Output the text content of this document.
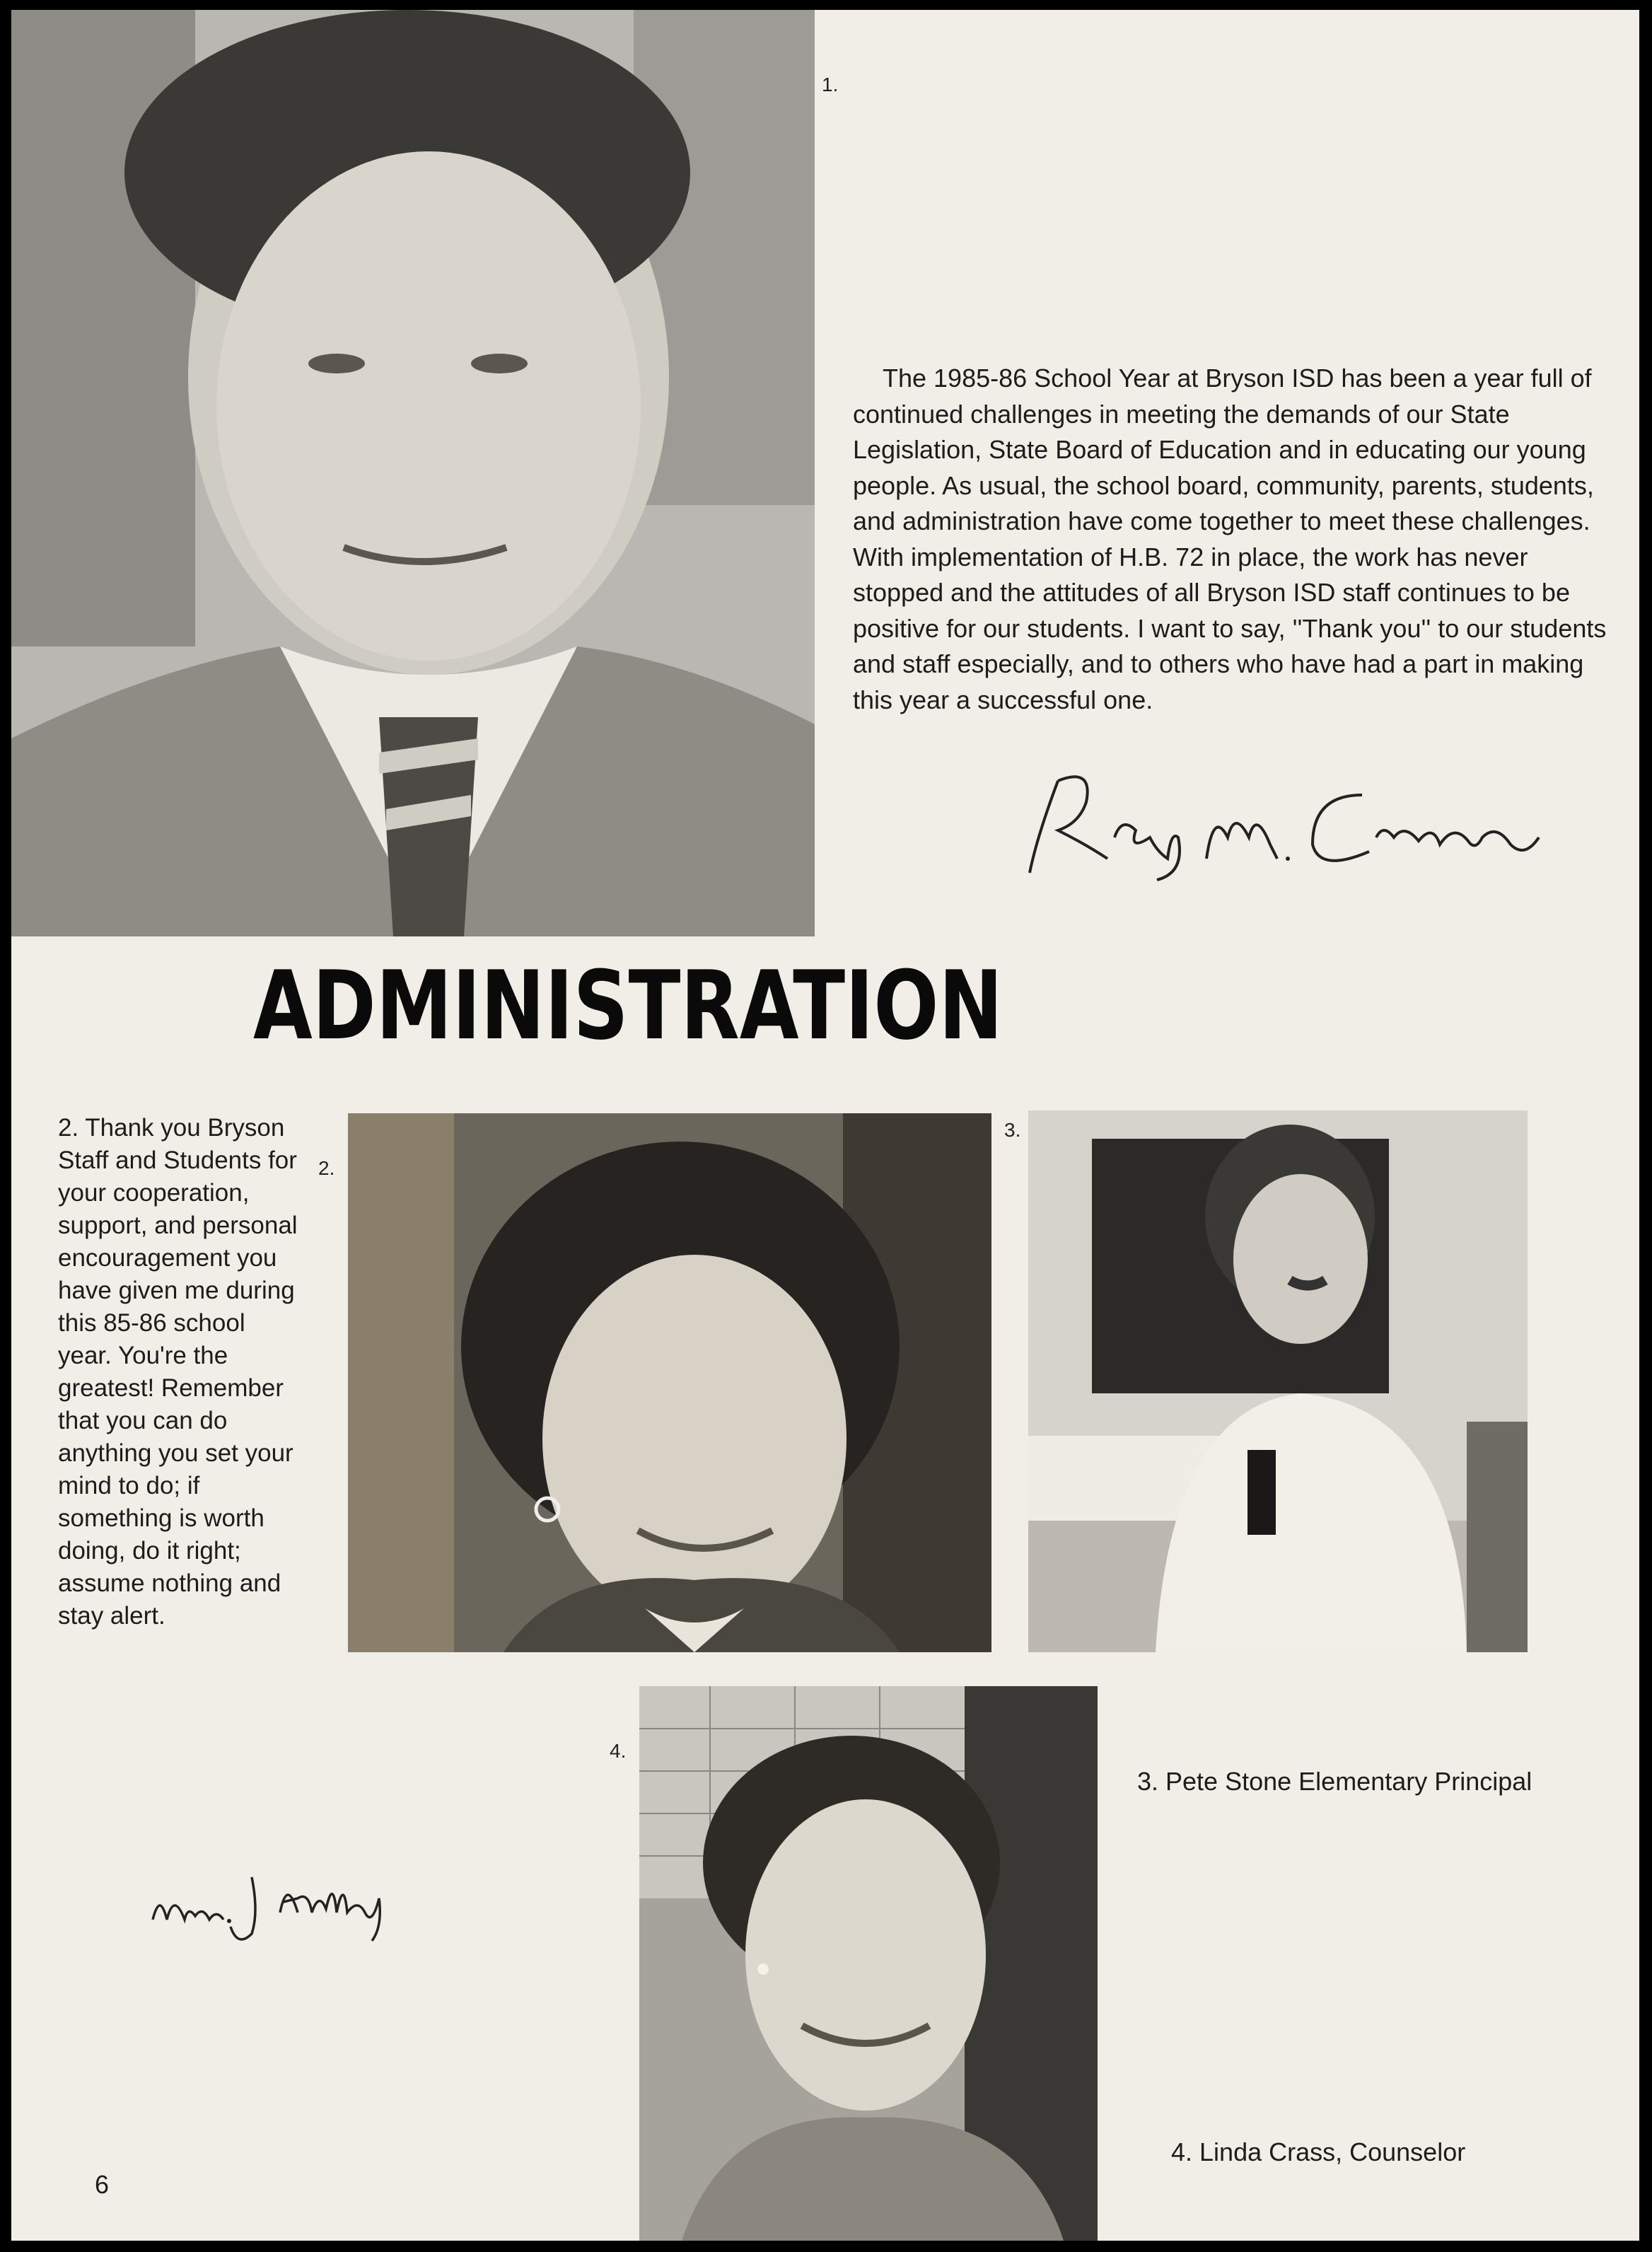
1.
The 1985-86 School Year at Bryson ISD has been a year full of continued challenges in meeting the demands of our State Legislation, State Board of Education and in educating our young people. As usual, the school board, community, parents, students, and administration have come together to meet these challenges. With implementation of H.B. 72 in place, the work has never stopped and the attitudes of all Bryson ISD staff continues to be positive for our students. I want to say, ''Thank you'' to our students and staff especially, and to others who have had a part in making this year a successful one.
ADMINISTRATION
2. Thank you Bryson Staff and Students for your cooperation, support, and personal encouragement you have given me during this 85-86 school year. You're the greatest! Remember that you can do anything you set your mind to do; if something is worth doing, do it right; assume nothing and stay alert.
2.
3.
4.
3. Pete Stone Elementary Principal
4. Linda Crass, Counselor
6
